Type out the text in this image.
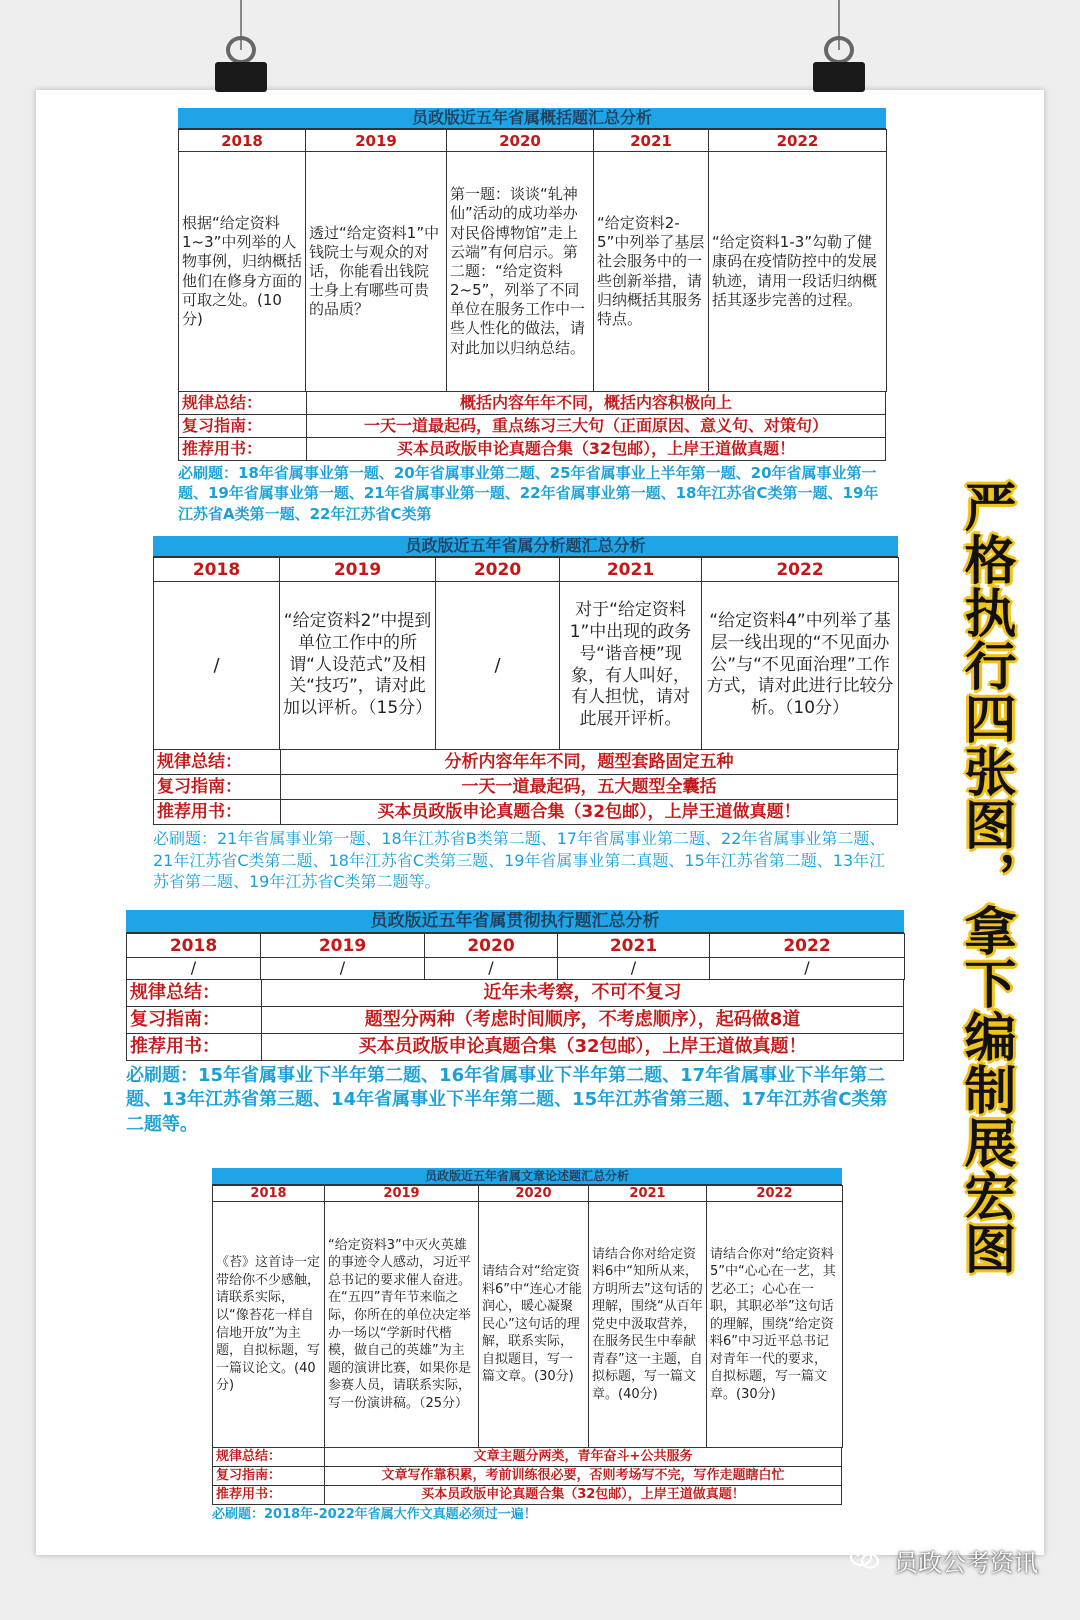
员政版近五年省属概括题汇总分析
2018	2019	2020	2021	2022
根据“给定资料 1~3”中列举的人物事例，归纳概括他们在修身方面的可取之处。(10 分)	透过“给定资料1”中钱院士与观众的对话，你能看出钱院士身上有哪些可贵的品质？	第一题：谈谈“轧神仙”活动的成功举办对民俗博物馆”走上云端”有何启示。第二题：“给定资料2~5”，列举了不同单位在服务工作中一些人性化的做法，请对此加以归纳总结。	“给定资料2-5”中列举了基层社会服务中的一些创新举措，请归纳概括其服务特点。	“给定资料1-3”勾勒了健康码在疫情防控中的发展轨迹，请用一段话归纳概括其逐步完善的过程。
规律总结：	概括内容年年不同，概括内容积极向上
复习指南：	一天一道最起码，重点练习三大句（正面原因、意义句、对策句）
推荐用书：	买本员政版申论真题合集（32包邮），上岸王道做真题！
必刷题：18年省属事业第一题、20年省属事业第二题、25年省属事业上半年第一题、20年省属事业第一题、19年省属事业第一题、21年省属事业第一题、22年省属事业第一题、18年江苏省C类第一题、19年江苏省A类第一题、22年江苏省C类第
员政版近五年省属分析题汇总分析
2018	2019	2020	2021	2022
/	“给定资料2”中提到单位工作中的所谓“人设范式”及相关“技巧”，请对此加以评析。（15分）	/	对于“给定资料1”中出现的政务号“谐音梗”现象，有人叫好，有人担忧，请对此展开评析。	“给定资料4”中列举了基层一线出现的“不见面办公”与“不见面治理”工作方式，请对此进行比较分析。（10分）
规律总结：	分析内容年年不同，题型套路固定五种
复习指南：	一天一道最起码，五大题型全囊括
推荐用书：	买本员政版申论真题合集（32包邮），上岸王道做真题！
必刷题：21年省属事业第一题、18年江苏省B类第二题、17年省属事业第二题、22年省属事业第二题、21年江苏省C类第二题、18年江苏省C类第三题、19年省属事业第二真题、15年江苏省第二题、13年江苏省第二题、19年江苏省C类第二题等。
员政版近五年省属贯彻执行题汇总分析
2018	2019	2020	2021	2022
/	/	/	/	/
规律总结：	近年未考察，不可不复习
复习指南：	题型分两种（考虑时间顺序，不考虑顺序），起码做8道
推荐用书：	买本员政版申论真题合集（32包邮），上岸王道做真题！
必刷题：15年省属事业下半年第二题、16年省属事业下半年第二题、17年省属事业下半年第二题、13年江苏省第三题、14年省属事业下半年第二题、15年江苏省第三题、17年江苏省C类第二题等。
员政版近五年省属文章论述题汇总分析
2018	2019	2020	2021	2022
《苔》这首诗一定带给你不少感触，请联系实际，以“像苔花一样自信地开放”为主题，自拟标题，写一篇议论文。(40 分)	“给定资料3”中灭火英雄的事迹令人感动，习近平总书记的要求催人奋进。在“五四”青年节来临之际，你所在的单位决定举办一场以“学新时代楷模，做自己的英雄”为主题的演讲比赛，如果你是参赛人员，请联系实际，写一份演讲稿。（25分）	请结合对“给定资料6”中“连心才能润心，暖心凝聚民心”这句话的理解，联系实际，自拟题目，写一篇文章。(30分)	请结合你对给定资料6中“知所从来，方明所去”这句话的理解，围绕“从百年党史中汲取营养，在服务民生中奉献青春”这一主题，自拟标题，写一篇文章。(40分)	请结合你对“给定资料5”中“心心在一艺，其艺必工；心心在一职，其职必举”这句话的理解，围绕“给定资料6”中习近平总书记对青年一代的要求，自拟标题，写一篇文章。(30分)
规律总结：	文章主题分两类，青年奋斗+公共服务
复习指南：	文章写作靠积累，考前训练很必要，否则考场写不完，写作走题瞎白忙
推荐用书：	买本员政版申论真题合集（32包邮），上岸王道做真题！
必刷题：2018年-2022年省属大作文真题必须过一遍！
严格执行四张图，拿下编制展宏图
员政公考资讯
